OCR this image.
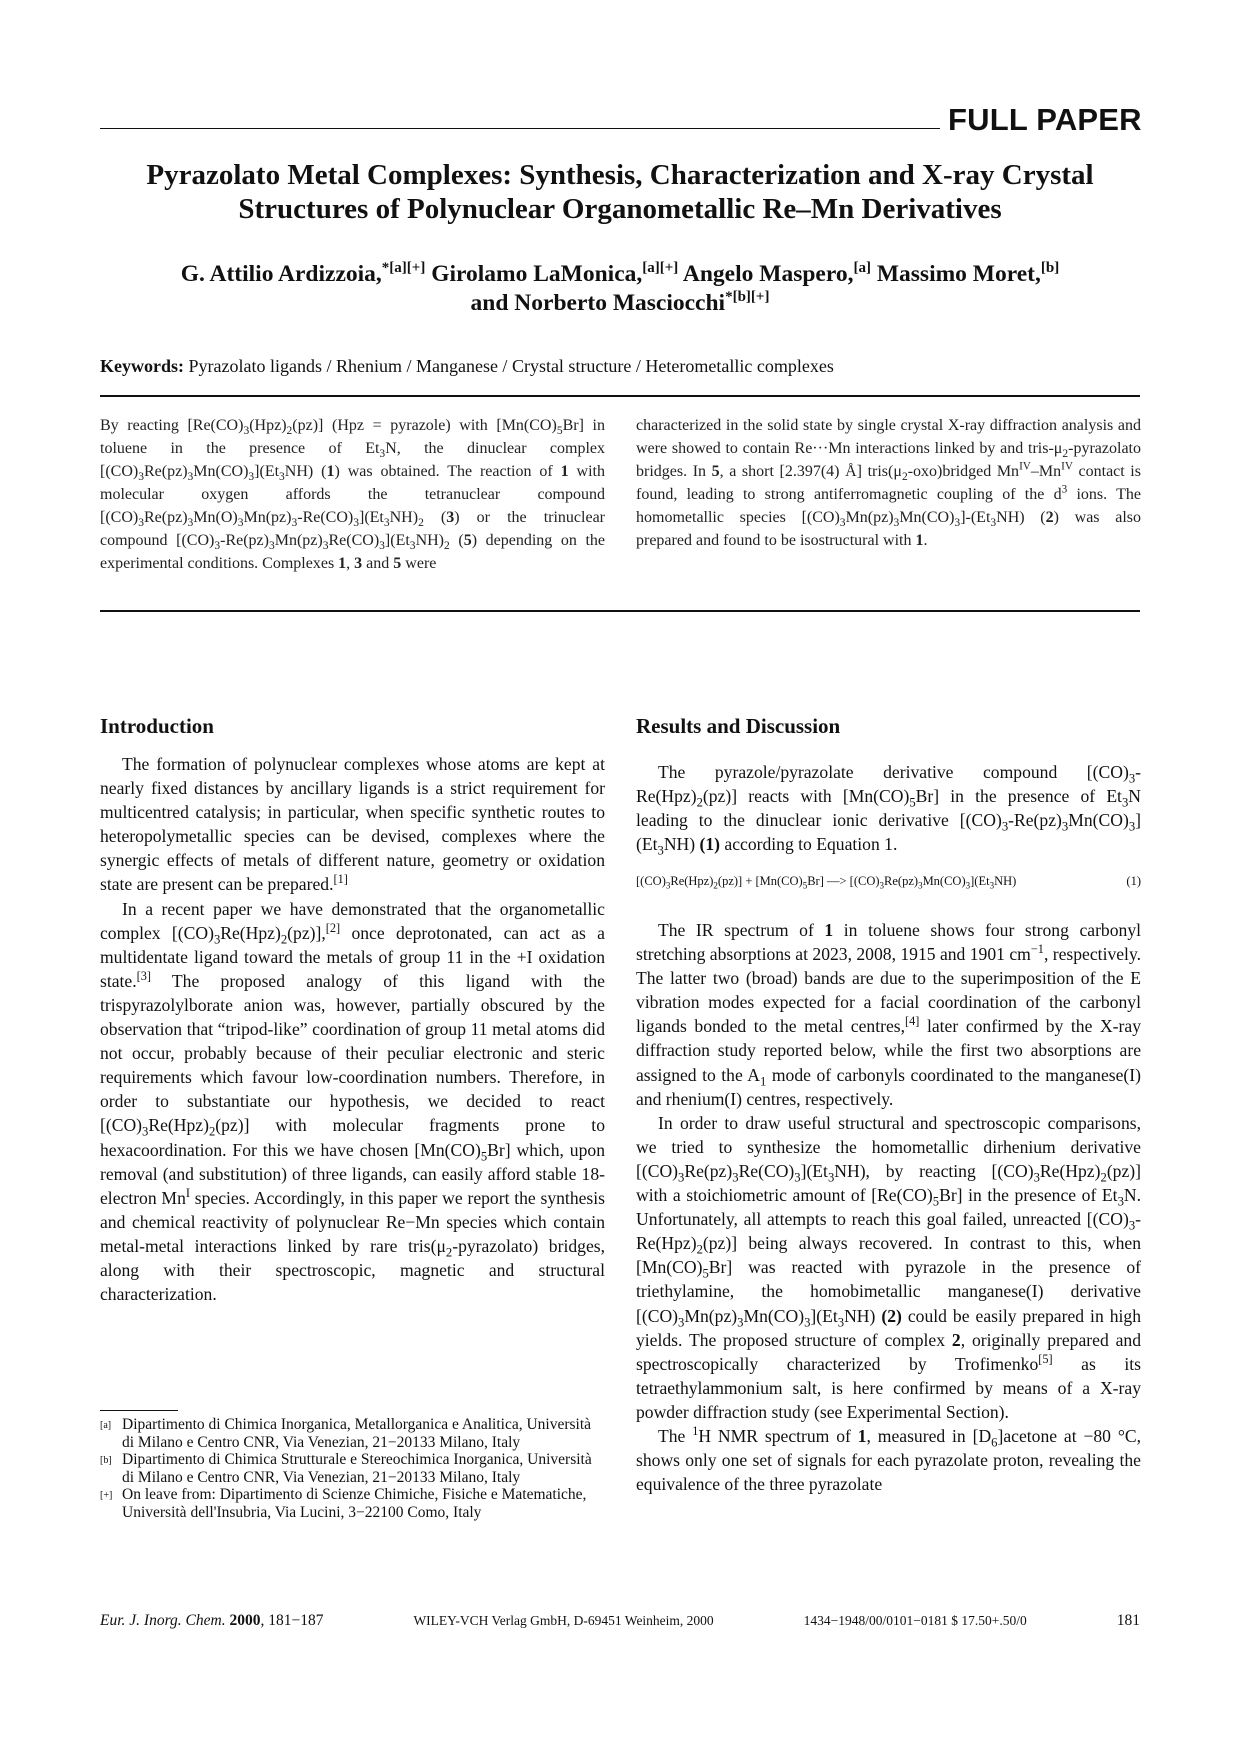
FULL PAPER
Pyrazolato Metal Complexes: Synthesis, Characterization and X-ray Crystal
Structures of Polynuclear Organometallic Re–Mn Derivatives
G. Attilio Ardizzoia,$^{*[a][+]}$ Girolamo LaMonica,[a][+] Angelo Maspero,[a] Massimo Moret,[b]
and Norberto Masciocchi$^{*[b][+]}$
Keywords: Pyrazolato ligands / Rhenium / Manganese / Crystal structure / Heterometallic complexes
By reacting $[Re(CO)_3(Hpz)_2(pz)] (Hpz$ = pyrazole) with $[Mn(CO)_5Br]$ in toluene in the presence of $Et_3N$, the dinuclear complex $[(CO)_3Re(pz)_3Mn(CO)_3](Et_3NH)$ (1) was obtained. The reaction of 1 with molecular oxygen affords the tetranuclear compound $[(CO)_3Re(pz)_3Mn(O)_3Mn(pz)_3-Re(CO)_3](Et_3NH)_2$ (3) or the trinuclear compound $[(CO)_3-Re(pz)_3Mn(pz)_3Re(CO)_3](Et_3NH)_2$ (5) depending on the experimental conditions. Complexes 1, 3 and 5 were
characterized in the solid state by single crystal X-ray diffraction analysis and were showed to contain Re···Mn interactions linked by and tris-$\mu_2$-pyrazolato bridges. In 5, a short [2.397(4) Å] $tris(\mu_2-oxo)bridged$ $Mn^{IV}-Mn^{IV}$ contact is found, leading to strong antiferromagnetic coupling of the $d^3$ ions. The homometallic species $[(CO)_3Mn(pz)_3Mn(CO)_3]-(Et_3NH)$ (2) was also prepared and found to be isostructural with 1.
Introduction

The formation of polynuclear complexes whose atoms are kept at nearly fixed distances by ancillary ligands is a strict requirement for multicentred catalysis; in particular, when specific synthetic routes to heteropolymetallic species can be devised, complexes where the synergic effects of metals of different nature, geometry or oxidation state are present can be prepared.[1]

In a recent paper we have demonstrated that the organometallic complex $[(CO)_3Re(Hpz)_2(pz)],[2]$ once deprotonated, can act as a multidentate ligand toward the metals of group 11 in the +I oxidation state.[3] The proposed analogy of this ligand with the trispyrazolylborate anion was, however, partially obscured by the observation that “tripod-like” coordination of group 11 metal atoms did not occur, probably because of their peculiar electronic and steric requirements which favour low-coordination numbers. Therefore, in order to substantiate our hypothesis, we decided to react $[(CO)_3Re(Hpz)_2(pz)]$ with molecular fragments prone to hexacoordination. For this we have chosen $[Mn(CO)_5Br]$ which, upon removal (and substitution) of three ligands, can easily afford stable 18-electron $Mn^I$ species. Accordingly, in this paper we report the synthesis and chemical reactivity of polynuclear Re−Mn species which contain metal-metal interactions linked by rare $tris(\mu_2-pyrazolato)$ bridges, along with their spectroscopic, magnetic and structural characterization.

[a] Dipartimento di Chimica Inorganica, Metallorganica e Analitica, Università di Milano e Centro CNR, Via Venezian, 21−20133 Milano, Italy
[b] Dipartimento di Chimica Strutturale e Stereochimica Inorganica, Università di Milano e Centro CNR, Via Venezian, 21−20133 Milano, Italy
[+] On leave from: Dipartimento di Scienze Chimiche, Fisiche e Matematiche, Università dell'Insubria, Via Lucini, 3−22100 Como, Italy
Results and Discussion

The pyrazole/pyrazolate derivative compound $[(CO)_3-Re(Hpz)_2(pz)]$ reacts with $[Mn(CO)_5Br]$ in the presence of $Et_3N$ leading to the dinuclear ionic derivative $[(CO)_3-Re(pz)_3Mn(CO)_3](Et_3NH)$ (1) according to Equation 1.

$[(CO)_3Re(Hpz)_2(pz)] + [Mn(CO)_5Br]$ —> $[(CO)_3Re(pz)_3Mn(CO)_3](Et_3NH)$	(1)

The IR spectrum of 1 in toluene shows four strong carbonyl stretching absorptions at 2023, 2008, 1915 and 1901 $cm^{-1}$, respectively. The latter two (broad) bands are due to the superimposition of the E vibration modes expected for a facial coordination of the carbonyl ligands bonded to the metal centres,[4] later confirmed by the X-ray diffraction study reported below, while the first two absorptions are assigned to the $A_1$ mode of carbonyls coordinated to the manganese(I) and rhenium(I) centres, respectively.

In order to draw useful structural and spectroscopic comparisons, we tried to synthesize the homometallic dirhenium derivative $[(CO)_3Re(pz)_3Re(CO)_3](Et_3NH)$, by reacting $[(CO)_3Re(Hpz)_2(pz)]$ with a stoichiometric amount of $[Re(CO)_5Br]$ in the presence of $Et_3N$. Unfortunately, all attempts to reach this goal failed, unreacted $[(CO)_3-Re(Hpz)_2(pz)]$ being always recovered. In contrast to this, when $[Mn(CO)_5Br]$ was reacted with pyrazole in the presence of triethylamine, the homobimetallic manganese(I) derivative $[(CO)_3Mn(pz)_3Mn(CO)_3](Et_3NH)$ (2) could be easily prepared in high yields. The proposed structure of complex 2, originally prepared and spectroscopically characterized by Trofimenko[5] as its tetraethylammonium salt, is here confirmed by means of a X-ray powder diffraction study (see Experimental Section).

The $^1$H NMR spectrum of 1, measured in $[D_6]acetone$ at −80 °C, shows only one set of signals for each pyrazolate proton, revealing the equivalence of the three pyrazolate

Eur. J. Inorg. Chem. 2000, 181−187	WILEY-VCH Verlag GmbH, D-69451 Weinheim, 2000	1434−1948/00/0101−0181 $ 17.50+.50/0	181
